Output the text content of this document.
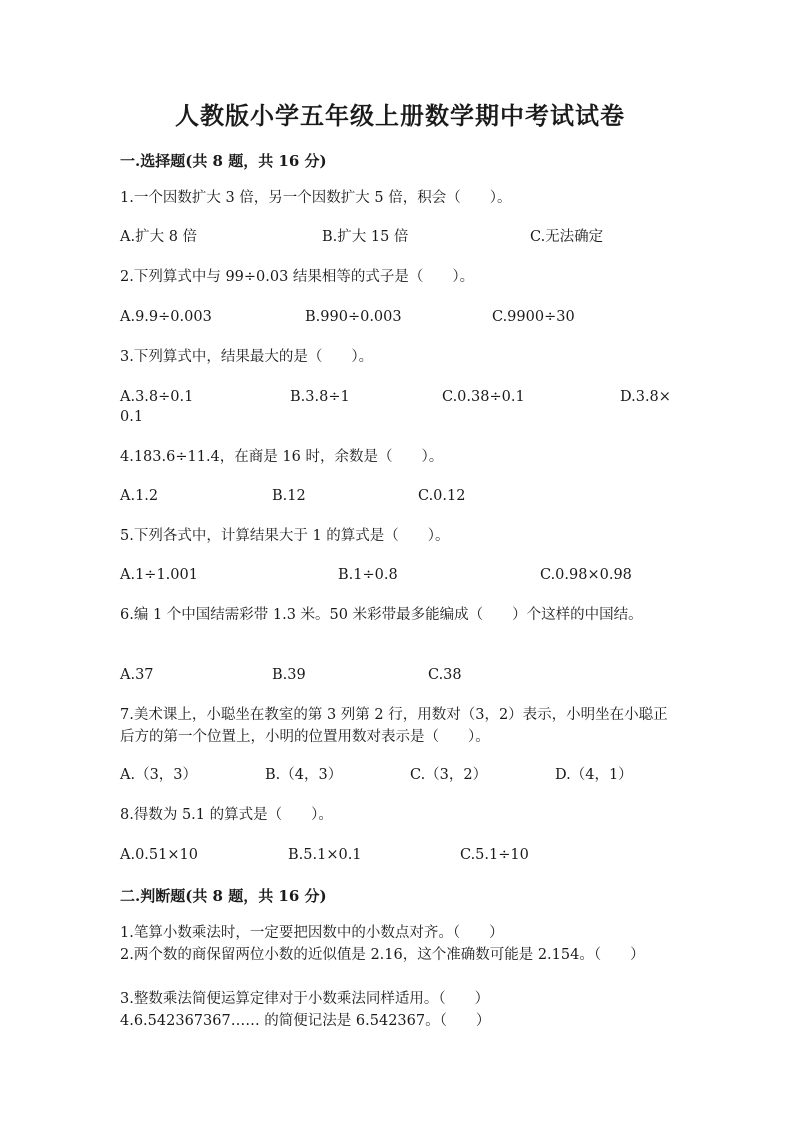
人教版小学五年级上册数学期中考试试卷
一.选择题(共 8 题，共 16 分)
1.一个因数扩大 3 倍，另一个因数扩大 5 倍，积会（　　）。
A.扩大 8 倍	B.扩大 15 倍	C.无法确定
2.下列算式中与 99÷0.03 结果相等的式子是（　　）。
A.9.9÷0.003	B.990÷0.003	C.9900÷30
3.下列算式中，结果最大的是（　　）。
A.3.8÷0.1	B.3.8÷1	C.0.38÷0.1	D.3.8×
0.1
4.183.6÷11.4，在商是 16 时，余数是（　　）。
A.1.2	B.12	C.0.12
5.下列各式中，计算结果大于 1 的算式是（　　）。
A.1÷1.001	B.1÷0.8	C.0.98×0.98
6.编 1 个中国结需彩带 1.3 米。50 米彩带最多能编成（　　）个这样的中国结。
A.37	B.39	C.38
7.美术课上，小聪坐在教室的第 3 列第 2 行，用数对（3，2）表示，小明坐在小聪正后方的第一个位置上，小明的位置用数对表示是（　　）。
A.（3，3）	B.（4，3）	C.（3，2）	D.（4，1）
8.得数为 5.1 的算式是（　　）。
A.0.51×10	B.5.1×0.1	C.5.1÷10
二.判断题(共 8 题，共 16 分)
1.笔算小数乘法时，一定要把因数中的小数点对齐。（　　）
2.两个数的商保留两位小数的近似值是 2.16，这个准确数可能是 2.154。（　　）
3.整数乘法简便运算定律对于小数乘法同样适用。（　　）
4.6.542367367…… 的简便记法是 6.542367。（　　）
